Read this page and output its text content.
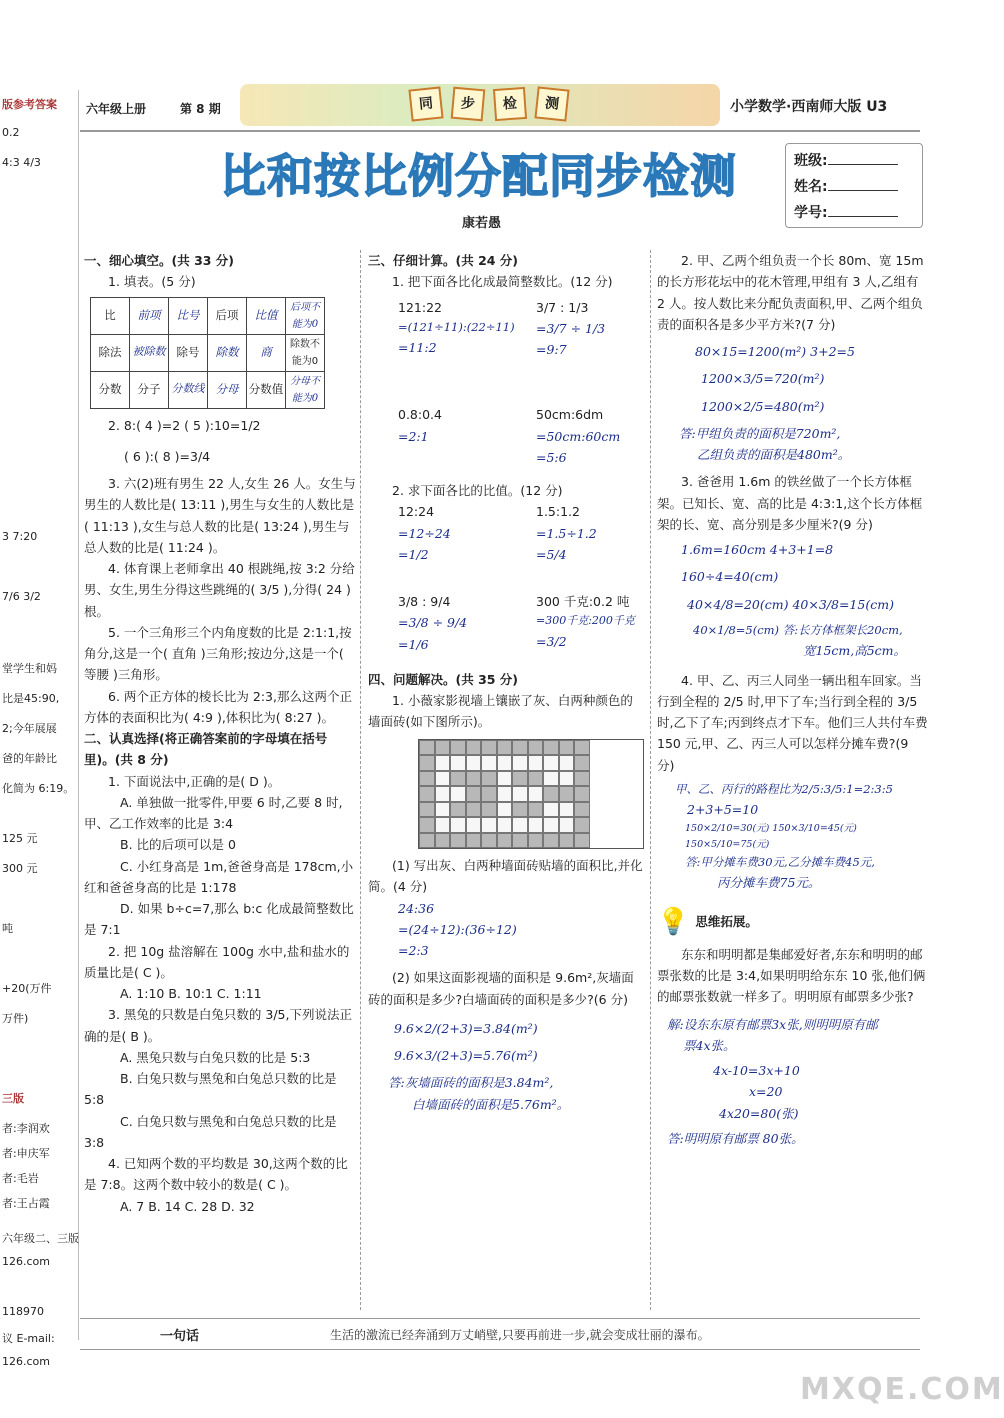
版参考答案
0.2
4:3 4/3
3 7:20
7/6 3/2
堂学生和妈
比是45:90,
2;今年展展
爸的年龄比
化简为 6:19。
125 元
300 元
吨
+20(万件
万件)
三版
者:李润欢
者:申庆军
者:毛岩
者:王占霞
六年级二、三版
126.com
118970
议 E-mail:
126.com
六年级上册	第 8 期	同	步	检	测	小学数学·西南师大版 U3
比和按比例分配同步检测
康若愚
班级:
姓名:
学号:
一、细心填空。(共 33 分)
1. 填表。(5 分)
比	前项	比号	后项	比值	后项不能为0
除法	被除数	除号	除数	商	除数不能为0
分数	分子	分数线	分母	分数值	分母不能为0
2. 8:( 4 )=2 ( 5 ):10=1/2
( 6 ):( 8 )=3/4
3. 六(2)班有男生 22 人,女生 26 人。女生与男生的人数比是( 13:11 ),男生与女生的人数比是( 11:13 ),女生与总人数的比是( 13:24 ),男生与总人数的比是( 11:24 )。
4. 体育课上老师拿出 40 根跳绳,按 3:2 分给男、女生,男生分得这些跳绳的( 3/5 ),分得( 24 )根。
5. 一个三角形三个内角度数的比是 2:1:1,按角分,这是一个( 直角 )三角形;按边分,这是一个( 等腰 )三角形。
6. 两个正方体的棱长比为 2:3,那么这两个正方体的表面积比为( 4:9 ),体积比为( 8:27 )。
二、认真选择(将正确答案前的字母填在括号里)。(共 8 分)
1. 下面说法中,正确的是( D )。
A. 单独做一批零件,甲要 6 时,乙要 8 时,甲、乙工作效率的比是 3:4
B. 比的后项可以是 0
C. 小红身高是 1m,爸爸身高是 178cm,小红和爸爸身高的比是 1:178
D. 如果 b÷c=7,那么 b:c 化成最简整数比是 7:1
2. 把 10g 盐溶解在 100g 水中,盐和盐水的质量比是( C )。
A. 1:10 B. 10:1 C. 1:11
3. 黑兔的只数是白兔只数的 3/5,下列说法正确的是( B )。
A. 黑兔只数与白兔只数的比是 5:3
B. 白兔只数与黑兔和白兔总只数的比是 5:8
C. 白兔只数与黑兔和白兔总只数的比是 3:8
4. 已知两个数的平均数是 30,这两个数的比是 7:8。这两个数中较小的数是( C )。
A. 7 B. 14 C. 28 D. 32
三、仔细计算。(共 24 分)
1. 把下面各比化成最简整数比。(12 分)
121:22
=(121÷11):(22÷11)
=11:2
3/7 : 1/3
=3/7 ÷ 1/3
=9:7
0.8:0.4
=2:1
50cm:6dm
=50cm:60cm
=5:6
2. 求下面各比的比值。(12 分)
12:24
=12÷24
=1/2
1.5:1.2
=1.5÷1.2
=5/4
3/8 : 9/4
=3/8 ÷ 9/4
=1/6
300 千克:0.2 吨
=300千克:200千克
=3/2
四、问题解决。(共 35 分)
1. 小薇家影视墙上镶嵌了灰、白两种颜色的墙面砖(如下图所示)。
(1) 写出灰、白两种墙面砖贴墙的面积比,并化简。(4 分)
24:36
=(24÷12):(36÷12)
=2:3
(2) 如果这面影视墙的面积是 9.6m²,灰墙面砖的面积是多少?白墙面砖的面积是多少?(6 分)
9.6×2/(2+3)=3.84(m²)
9.6×3/(2+3)=5.76(m²)
答:灰墙面砖的面积是3.84m²,
白墙面砖的面积是5.76m²。
2. 甲、乙两个组负责一个长 80m、宽 15m 的长方形花坛中的花木管理,甲组有 3 人,乙组有 2 人。按人数比来分配负责面积,甲、乙两个组负责的面积各是多少平方米?(7 分)
80×15=1200(m²) 3+2=5
1200×3/5=720(m²)
1200×2/5=480(m²)
答:甲组负责的面积是720m²,
乙组负责的面积是480m²。
3. 爸爸用 1.6m 的铁丝做了一个长方体框架。已知长、宽、高的比是 4:3:1,这个长方体框架的长、宽、高分别是多少厘米?(9 分)
1.6m=160cm 4+3+1=8
160÷4=40(cm)
40×4/8=20(cm) 40×3/8=15(cm)
40×1/8=5(cm) 答:长方体框架长20cm,
宽15cm,高5cm。
4. 甲、乙、丙三人同坐一辆出租车回家。当行到全程的 2/5 时,甲下了车;当行到全程的 3/5 时,乙下了车;丙到终点才下车。他们三人共付车费 150 元,甲、乙、丙三人可以怎样分摊车费?(9 分)
甲、乙、丙行的路程比为2/5:3/5:1=2:3:5
2+3+5=10
150×2/10=30(元) 150×3/10=45(元) 150×5/10=75(元)
答:甲分摊车费30元,乙分摊车费45元,
丙分摊车费75元。
💡 思维拓展。
东东和明明都是集邮爱好者,东东和明明的邮票张数的比是 3:4,如果明明给东东 10 张,他们俩的邮票张数就一样多了。明明原有邮票多少张?
解:设东东原有邮票3x张,则明明原有邮
票4x张。
4x-10=3x+10
x=20
4x20=80(张)
答:明明原有邮票 80张。
一句话	生活的激流已经奔涌到万丈峭壁,只要再前进一步,就会变成壮丽的瀑布。
MXQE.COM
